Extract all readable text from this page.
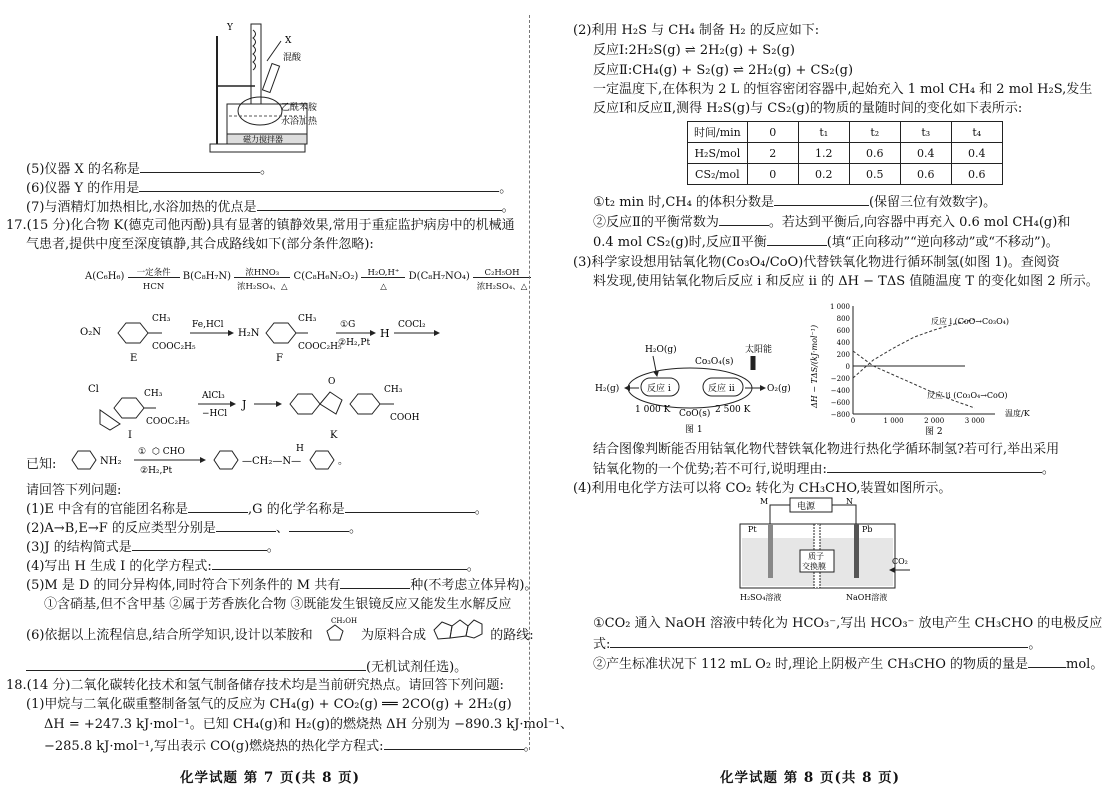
Y
X
混酸
乙酰苯胺
水浴加热
磁力搅拌器
(5)仪器 X 的名称是	。
(6)仪器 Y 的作用是	。
(7)与酒精灯加热相比,水浴加热的优点是	。
17.(15 分)化合物 K(德克司他丙酚)具有显著的镇静效果,常用于重症监护病房中的机械通
气患者,提供中度至深度镇静,其合成路线如下(部分条件忽略):
A(C₆H₆)	一定条件
HCN
B(C₈H₇N)	浓HNO₃
浓H₂SO₄、△
C(C₈H₆N₂O₂)	H₂O,H⁺
△
D(C₈H₇NO₄)	C₂H₅OH
浓H₂SO₄、△
O₂N
CH₃
COOC₂H₅
E
Fe,HCl
H₂N
CH₃
COOC₂H₅
F
①G
②H₂,Pt
H
COCl₂
Cl	CH₃
COOC₂H₅
I
AlCl₃
−HCl
J
O
CH₃
COOH
K
已知:	NH₂
① ⬡ CHO
②H₂,Pt
—CH₂—N—
H
。
请回答下列问题:
(1)E 中含有的官能团名称是	,G 的化学名称是	。
(2)A→B,E→F 的反应类型分别是	、	。
(3)J 的结构简式是	。
(4)写出 H 生成 I 的化学方程式:	。
(5)M 是 D 的同分异构体,同时符合下列条件的 M 共有	种(不考虑立体异构)。
①含硝基,但不含甲基 ②属于芳香族化合物 ③既能发生银镜反应又能发生水解反应
(6)依据以上流程信息,结合所学知识,设计以苯胺和
CH₂OH
为原料合成	的路线:
(无机试剂任选)。
18.(14 分)二氧化碳转化技术和氢气制备储存技术均是当前研究热点。请回答下列问题:
(1)甲烷与二氧化碳重整制备氢气的反应为 CH₄(g) + CO₂(g) ══ 2CO(g) + 2H₂(g)
ΔH = +247.3 kJ·mol⁻¹。已知 CH₄(g)和 H₂(g)的燃烧热 ΔH 分别为 −890.3 kJ·mol⁻¹、
−285.8 kJ·mol⁻¹,写出表示 CO(g)燃烧热的热化学方程式:	。
化学试题 第 7 页(共 8 页)
(2)利用 H₂S 与 CH₄ 制备 H₂ 的反应如下:
反应Ⅰ:2H₂S(g) ⇌ 2H₂(g) + S₂(g)
反应Ⅱ:CH₄(g) + S₂(g) ⇌ 2H₂(g) + CS₂(g)
一定温度下,在体积为 2 L 的恒容密闭容器中,起始充入 1 mol CH₄ 和 2 mol H₂S,发生
反应Ⅰ和反应Ⅱ,测得 H₂S(g)与 CS₂(g)的物质的量随时间的变化如下表所示:
时间/min	0	t₁	t₂	t₃	t₄
H₂S/mol	2	1.2	0.6	0.4	0.4
CS₂/mol	0	0.2	0.5	0.6	0.6
①t₂ min 时,CH₄ 的体积分数是	(保留三位有效数字)。
②反应Ⅱ的平衡常数为	。若达到平衡后,向容器中再充入 0.6 mol CH₄(g)和
0.4 mol CS₂(g)时,反应Ⅱ平衡	(填“正向移动”“逆向移动”或“不移动”)。
(3)科学家设想用钴氧化物(Co₃O₄/CoO)代替铁氧化物进行循环制氢(如图 1)。查阅资
料发现,使用钴氧化物后反应 ⅰ 和反应 ⅱ 的 ΔH − TΔS 值随温度 T 的变化如图 2 所示。
H₂O(g)
Co₃O₄(s)
太阳能
反应 ⅰ	反应 ⅱ
H₂(g)	O₂(g)
1 000 K CoO(s) 2 500 K
图 1
ΔH − TΔS/(kJ·mol⁻¹)
1 000
800
600
400
200
0
−200
−400
−600
−800
0	1 000	2 000	3 000
反应 ⅰ (CoO→Co₃O₄)
反应 ⅱ (Co₃O₄→CoO)
温度/K
图 2
结合图像判断能否用钴氧化物代替铁氧化物进行热化学循环制氢?若可行,举出采用
钴氧化物的一个优势;若不可行,说明理由:	。
(4)利用电化学方法可以将 CO₂ 转化为 CH₃CHO,装置如图所示。
M	N
电源
Pt	Pb
质子
交换膜
CO₂
H₂SO₄溶液	NaOH溶液
①CO₂ 通入 NaOH 溶液中转化为 HCO₃⁻,写出 HCO₃⁻ 放电产生 CH₃CHO 的电极反应
式:	。
②产生标准状况下 112 mL O₂ 时,理论上阴极产生 CH₃CHO 的物质的量是	mol。
化学试题 第 8 页(共 8 页)
